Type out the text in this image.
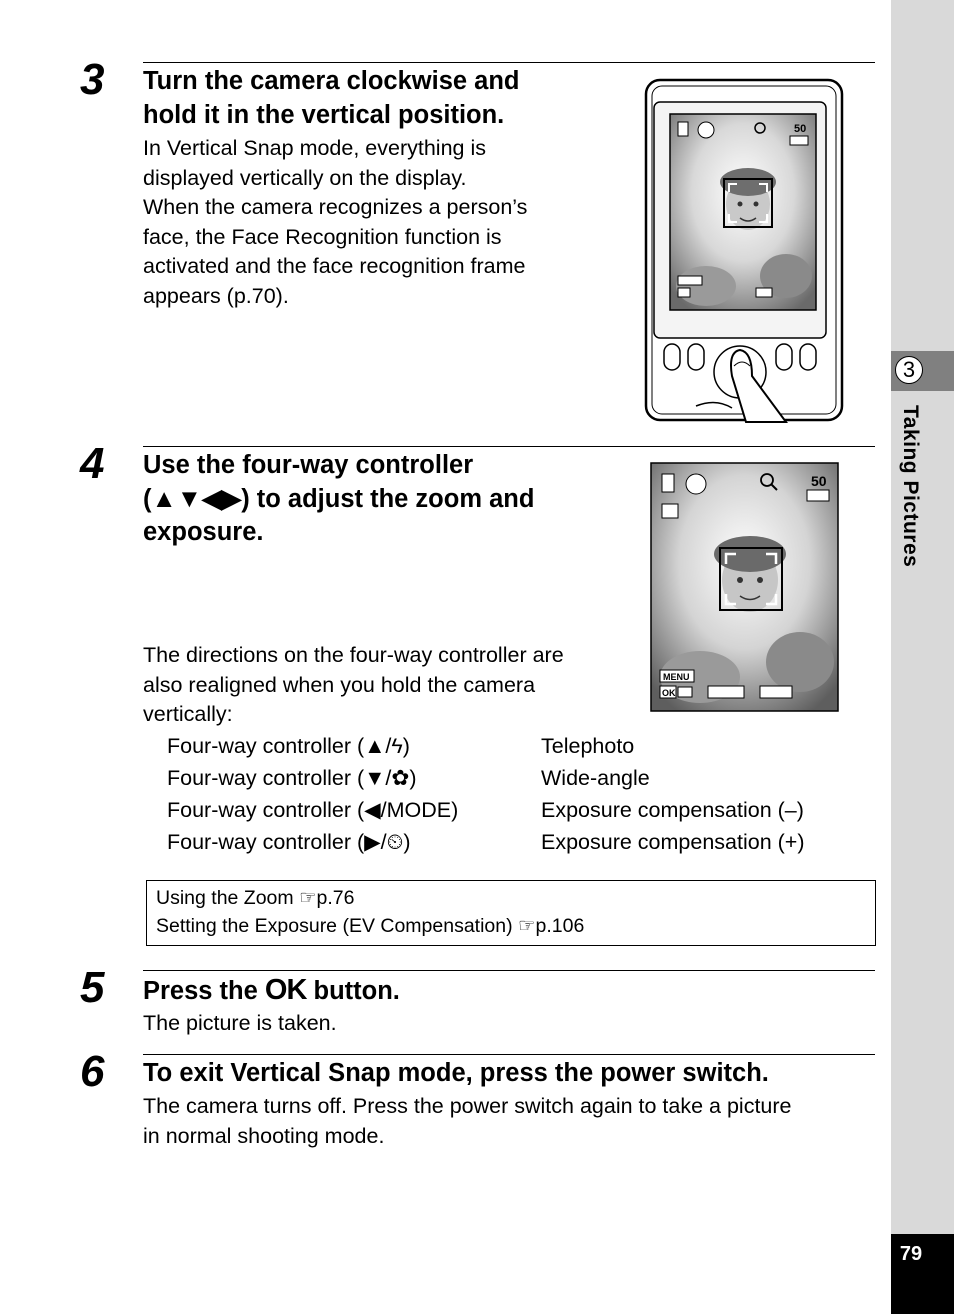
3
Taking Pictures
79
3 Turn the camera clockwise and
hold it in the vertical position.
In Vertical Snap mode, everything is
displayed vertically on the display.
When the camera recognizes a person’s
face, the Face Recognition function is
activated and the face recognition frame
appears (p.70).
50
4 Use the four-way controller
(▲▼◀▶) to adjust the zoom and
exposure.
The directions on the four-way controller are
also realigned when you hold the camera
vertically:
50
MENU
OK
Four-way controller (▲/ϟ)	Telephoto
Four-way controller (▼/✿)	Wide-angle
Four-way controller (◀/MODE)	Exposure compensation (–)
Four-way controller (▶/⏲)	Exposure compensation (+)
Using the Zoom ☞p.76
Setting the Exposure (EV Compensation) ☞p.106
5 Press the OK button.
The picture is taken.
6 To exit Vertical Snap mode, press the power switch.
The camera turns off. Press the power switch again to take a picture
in normal shooting mode.
